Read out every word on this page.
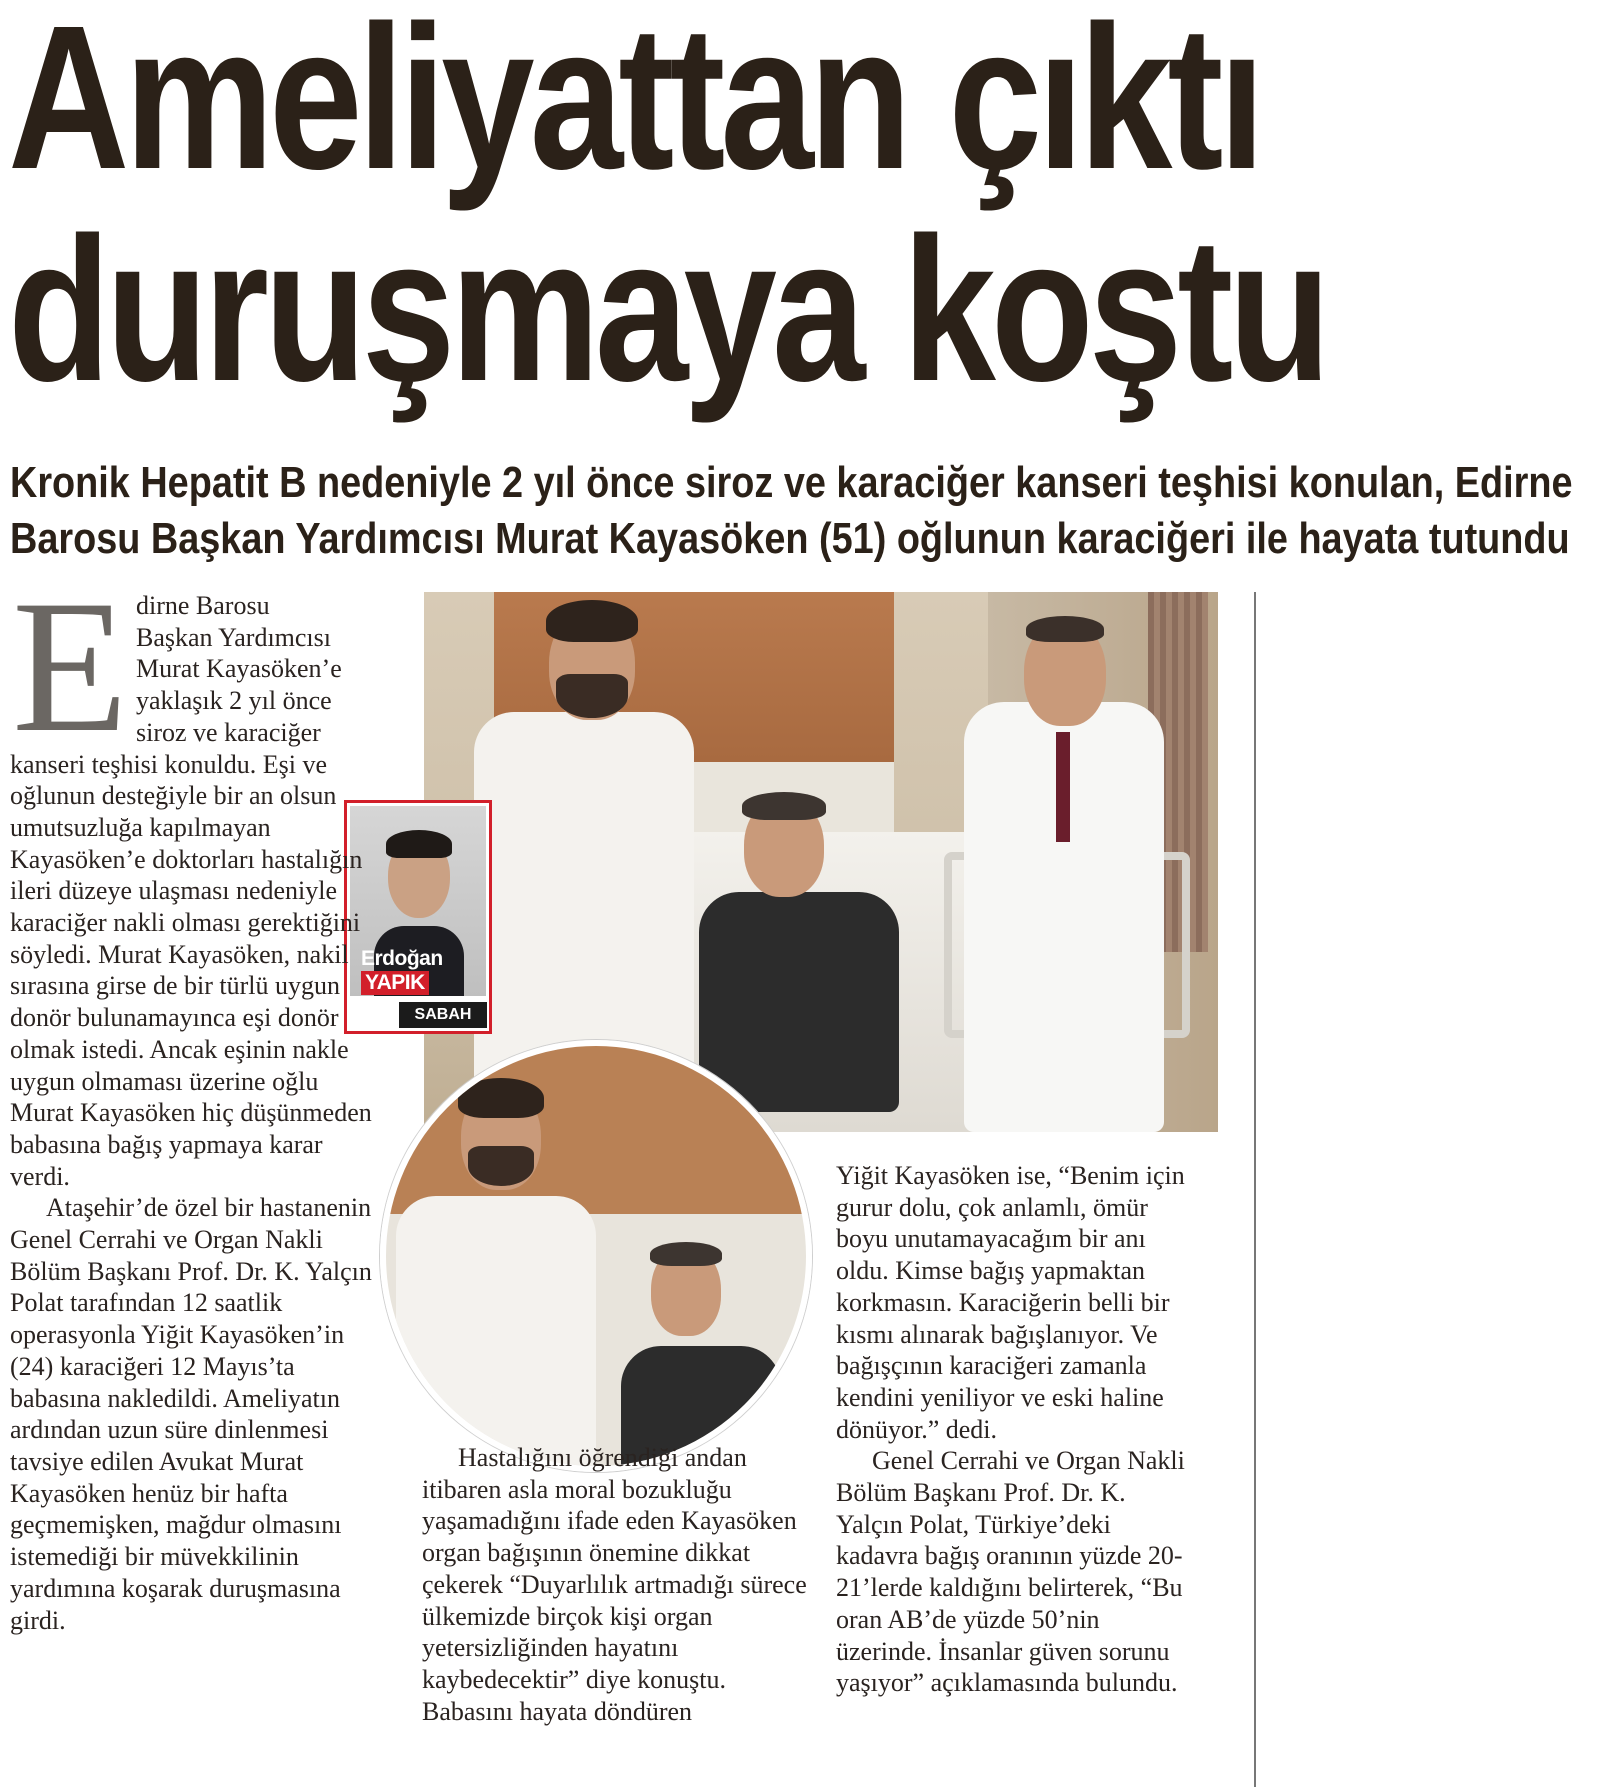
Ameliyattan çıktı
duruşmaya koştu
Kronik Hepatit B nedeniyle 2 yıl önce siroz ve karaciğer kanseri teşhisi konulan, Edirne
Barosu Başkan Yardımcısı Murat Kayasöken (51) oğlunun karaciğeri ile hayata tutundu
Erdoğan
YAPIK
SABAH
E dirne Barosu
Başkan Yardımcısı
Murat Kayasöken’e
yaklaşık 2 yıl önce
siroz ve karaciğer

kanseri teşhisi konuldu. Eşi ve oğlunun desteğiyle bir an olsun umutsuzluğa kapılmayan Kayasöken’e doktorları hastalığın ileri düzeye ulaşması nedeniyle karaciğer nakli olması gerektiğini söyledi. Murat Kayasöken, nakil sırasına girse de bir türlü uygun donör bulunamayınca eşi donör olmak istedi. Ancak eşinin nakle uygun olmaması üzerine oğlu Murat Kayasöken hiç düşünmeden babasına bağış yapmaya karar verdi.

Ataşehir’de özel bir hastanenin Genel Cerrahi ve Organ Nakli Bölüm Başkanı Prof. Dr. K. Yalçın Polat tarafından 12 saatlik operasyonla Yiğit Kayasöken’in (24) karaciğeri 12 Mayıs’ta babasına nakledildi. Ameliyatın ardından uzun süre dinlenmesi tavsiye edilen Avukat Murat Kayasöken henüz bir hafta geçmemişken, mağdur olmasını istemediği bir müvekkilinin yardımına koşarak duruşmasına girdi.

Hastalığını öğrendiği andan itibaren asla moral bozukluğu yaşamadığını ifade eden Kayasöken organ bağışının önemine dikkat çekerek “Duyarlılık artmadığı sürece ülkemizde birçok kişi organ yetersizliğinden hayatını kaybedecektir” diye konuştu. Babasını hayata döndüren

Yiğit Kayasöken ise, “Benim için gurur dolu, çok anlamlı, ömür boyu unutamayacağım bir anı oldu. Kimse bağış yapmaktan korkmasın. Karaciğerin belli bir kısmı alınarak bağışlanıyor. Ve bağışçının karaciğeri zamanla kendini yeniliyor ve eski haline dönüyor.” dedi.

Genel Cerrahi ve Organ Nakli Bölüm Başkanı Prof. Dr. K. Yalçın Polat, Türkiye’deki kadavra bağış oranının yüzde 20-21’lerde kaldığını belirterek, “Bu oran AB’de yüzde 50’nin üzerinde. İnsanlar güven sorunu yaşıyor” açıklamasında bulundu.
